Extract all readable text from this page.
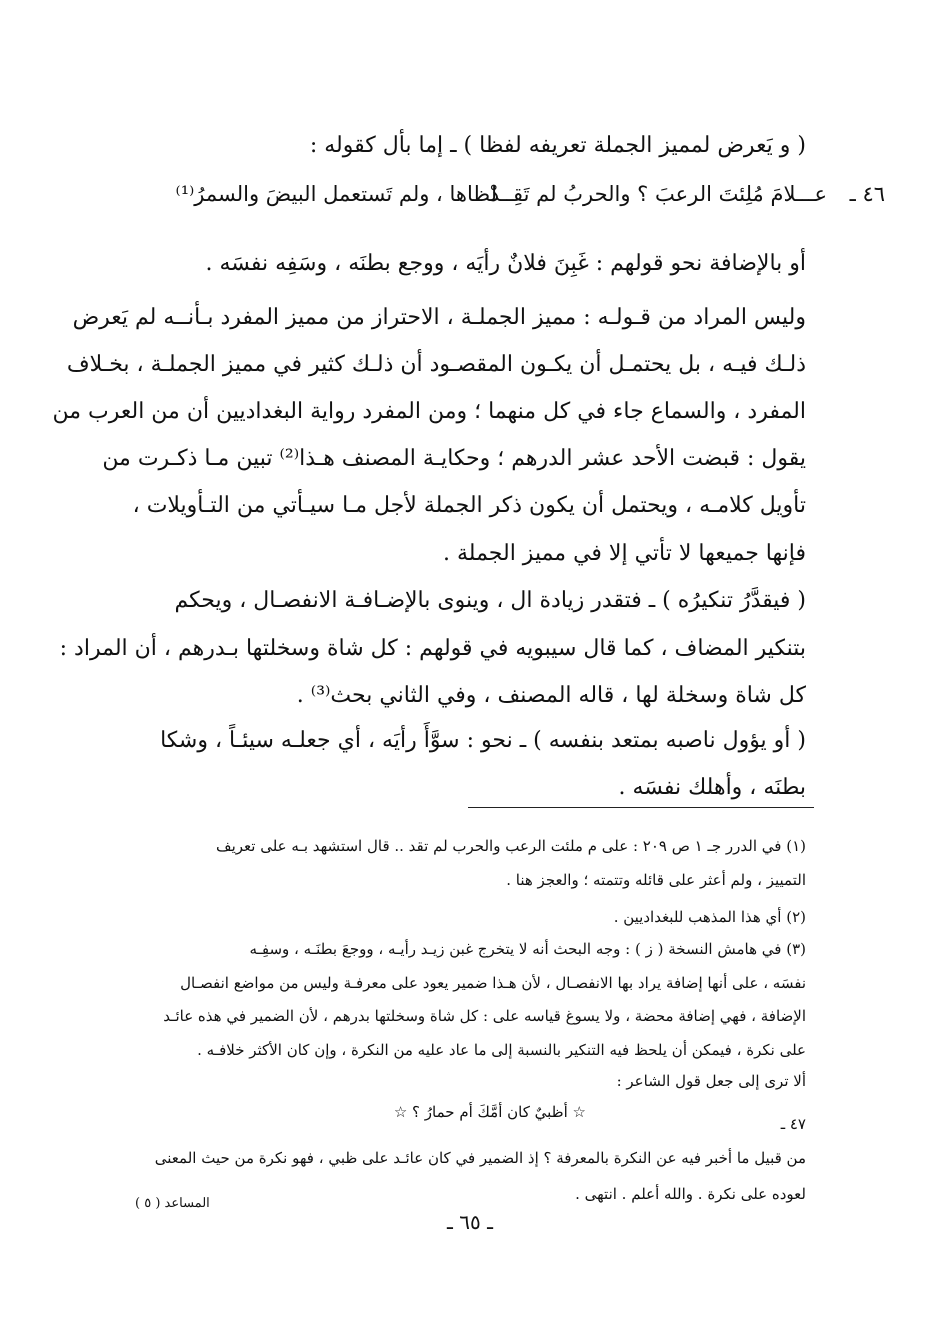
( و يَعرض لمميز الجملة تعريفه لفظا ) ـ إما بأل كقوله :
٤٦ ـ
عـــلامَ مُلِئتَ الرعبَ ؟ والحربُ لم تَقِــدْ
لظاها ، ولم تَستعمل البيضَ والسمرُ⁽¹⁾
أو بالإضافة نحو قولهم : غَبِنَ فلانٌ رأيَه ، ووجع بطنَه ، وسَفِه نفسَه .
وليس المراد من قـولـه : مميز الجملـة ، الاحتراز من مميز المفرد بـأنــه لم يَعرض
ذلـك فيـه ، بل يحتمـل أن يكـون المقصـود أن ذلـك كثير في مميز الجملـة ، بخـلاف
المفرد ، والسماع جاء في كل منهما ؛ ومن المفرد رواية البغداديين أن من العرب من
يقول : قبضت الأحد عشر الدرهم ؛ وحكايـة المصنف هـذا⁽²⁾ تبين مـا ذكـرت من
تأويل كلامـه ، ويحتمل أن يكون ذكر الجملة لأجل مـا سيـأتي من التـأويلات ،
فإنها جميعها لا تأتي إلا في مميز الجملة .
( فيقدَّرُ تنكيرُه ) ـ فتقدر زيادة ال ، وينوى بالإضـافـة الانفصـال ، ويحكم
بتنكير المضاف ، كما قال سيبويه في قولهم : كل شاة وسخلتها بـدرهم ، أن المراد :
كل شاة وسخلة لها ، قاله المصنف ، وفي الثاني بحث⁽³⁾ .
( أو يؤول ناصبه بمتعد بنفسه ) ـ نحو : سوَّأَ رأيَه ، أي جعلـه سيئـاً ، وشكا
بطنَه ، وأهلك نفسَه .
(١) في الدرر جـ ١ ص ٢٠٩ : على م ملئت الرعب والحرب لم تقد .. قال استشهد بـه على تعريف
التمييز ، ولم أعثر على قائله وتتمته ؛ والعجز هنا .
(٢) أي هذا المذهب للبغداديين .
(٣) في هامش النسخة ( ز ) : وجه البحث أنه لا يتخرج غبن زيـد رأيـه ، ووجعَ بطنَـه ، وسفِـه
نفسَه ، على أنها إضافة يراد بها الانفصـال ، لأن هـذا ضمير يعود على معرفـة وليس من مواضع انفصـال
الإضافة ، فهي إضافة محضة ، ولا يسوغ قياسه على : كل شاة وسخلتها بدرهم ، لأن الضمير في هذه عائـد
على نكرة ، فيمكن أن يلحظ فيه التنكير بالنسبة إلى ما عاد عليه من النكرة ، وإن كان الأكثر خلافـه .
ألا ترى إلى جعل قول الشاعر :
٤٧ ـ
☆ أظبيٌ كان أمَّكَ أم حمارُ ؟ ☆
من قبيل ما أخبر فيه عن النكرة بالمعرفة ؟ إذ الضمير في كان عائـد على ظبي ، فهو نكرة من حيث المعنى
لعوده على نكرة . والله أعلم . انتهى .
المساعد ( ٥ )
ـ ٦٥ ـ
